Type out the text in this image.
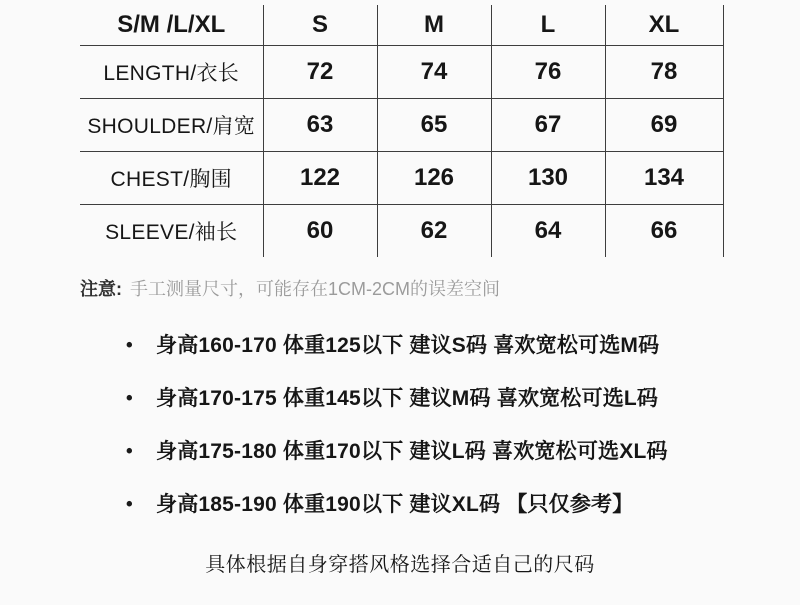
S/M /L/XL	S	M	L	XL
LENGTH/衣长	72	74	76	78
SHOULDER/肩宽	63	65	67	69
CHEST/胸围	122	126	130	134
SLEEVE/袖长	60	62	64	66

注意: 手工测量尺寸，可能存在1CM-2CM的误差空间

•	身高160-170 体重125以下 建议S码 喜欢宽松可选M码
•	身高170-175 体重145以下 建议M码 喜欢宽松可选L码
•	身高175-180 体重170以下 建议L码 喜欢宽松可选XL码
•	身高185-190 体重190以下 建议XL码 【只仅参考】

具体根据自身穿搭风格选择合适自己的尺码
